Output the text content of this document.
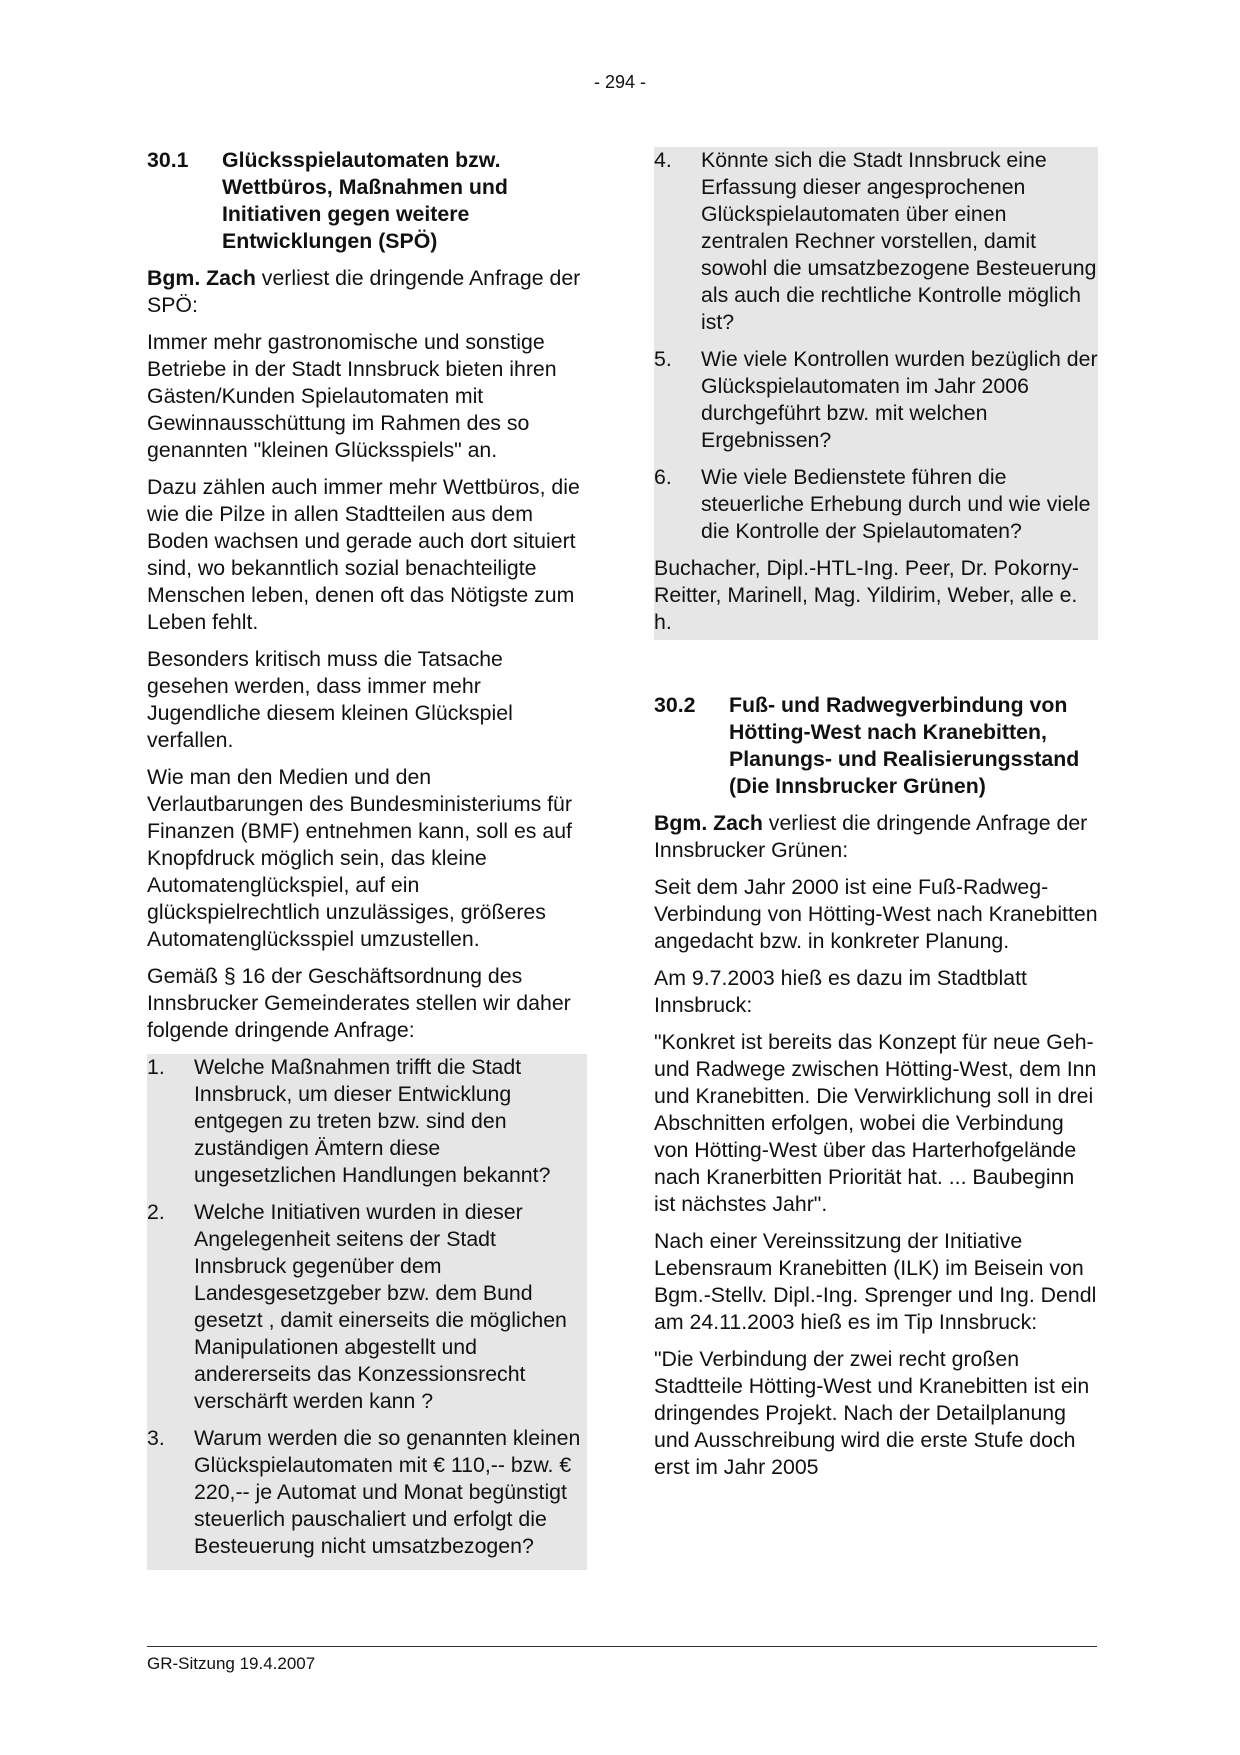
- 294 -
30.1	Glücksspielautomaten bzw. Wettbüros, Maßnahmen und Initiativen gegen weitere Entwicklungen (SPÖ)

Bgm. Zach verliest die dringende Anfrage der SPÖ:

Immer mehr gastronomische und sonstige Betriebe in der Stadt Innsbruck bieten ihren Gästen/Kunden Spielautomaten mit Gewinnausschüttung im Rahmen des so genannten "kleinen Glücksspiels" an.

Dazu zählen auch immer mehr Wettbüros, die wie die Pilze in allen Stadtteilen aus dem Boden wachsen und gerade auch dort situiert sind, wo bekanntlich sozial benachteiligte Menschen leben, denen oft das Nötigste zum Leben fehlt.

Besonders kritisch muss die Tatsache gesehen werden, dass immer mehr Jugendliche diesem kleinen Glückspiel verfallen.

Wie man den Medien und den Verlautbarungen des Bundesministeriums für Finanzen (BMF) entnehmen kann, soll es auf Knopfdruck möglich sein, das kleine Automatenglückspiel, auf ein glückspielrechtlich unzulässiges, größeres Automatenglücksspiel umzustellen.

Gemäß § 16 der Geschäftsordnung des Innsbrucker Gemeinderates stellen wir daher folgende dringende Anfrage:

1.	Welche Maßnahmen trifft die Stadt Innsbruck, um dieser Entwicklung entgegen zu treten bzw. sind den zuständigen Ämtern diese ungesetzlichen Handlungen bekannt?
2.	Welche Initiativen wurden in dieser Angelegenheit seitens der Stadt Innsbruck gegenüber dem Landesgesetzgeber bzw. dem Bund gesetzt , damit einerseits die möglichen Manipulationen abgestellt und andererseits das Konzessionsrecht verschärft werden kann ?
3.	Warum werden die so genannten kleinen Glückspielautomaten mit € 110,-- bzw. € 220,-- je Automat und Monat begünstigt steuerlich pauschaliert und erfolgt die Besteuerung nicht umsatzbezogen?
4.	Könnte sich die Stadt Innsbruck eine Erfassung dieser angesprochenen Glückspielautomaten über einen zentralen Rechner vorstellen, damit sowohl die umsatzbezogene Besteuerung als auch die rechtliche Kontrolle möglich ist?
5.	Wie viele Kontrollen wurden bezüglich der Glückspielautomaten im Jahr 2006 durchgeführt bzw. mit welchen Ergebnissen?
6.	Wie viele Bedienstete führen die steuerliche Erhebung durch und wie viele die Kontrolle der Spielautomaten?

Buchacher, Dipl.-HTL-Ing. Peer, Dr. Pokorny-Reitter, Marinell, Mag. Yildirim, Weber, alle e. h.

30.2	Fuß- und Radwegverbindung von Hötting-West nach Kranebitten, Planungs- und Realisierungsstand (Die Innsbrucker Grünen)

Bgm. Zach verliest die dringende Anfrage der Innsbrucker Grünen:

Seit dem Jahr 2000 ist eine Fuß-Radweg-Verbindung von Hötting-West nach Kranebitten angedacht bzw. in konkreter Planung.

Am 9.7.2003 hieß es dazu im Stadtblatt Innsbruck:

"Konkret ist bereits das Konzept für neue Geh- und Radwege zwischen Hötting-West, dem Inn und Kranebitten. Die Verwirklichung soll in drei Abschnitten erfolgen, wobei die Verbindung von Hötting-West über das Harterhofgelände nach Kranerbitten Priorität hat. ... Baubeginn ist nächstes Jahr".

Nach einer Vereinssitzung der Initiative Lebensraum Kranebitten (ILK) im Beisein von Bgm.-Stellv. Dipl.-Ing. Sprenger und Ing. Dendl am 24.11.2003 hieß es im Tip Innsbruck:

"Die Verbindung der zwei recht großen Stadtteile Hötting-West und Kranebitten ist ein dringendes Projekt. Nach der Detailplanung und Ausschreibung wird die erste Stufe doch erst im Jahr 2005

GR-Sitzung 19.4.2007
